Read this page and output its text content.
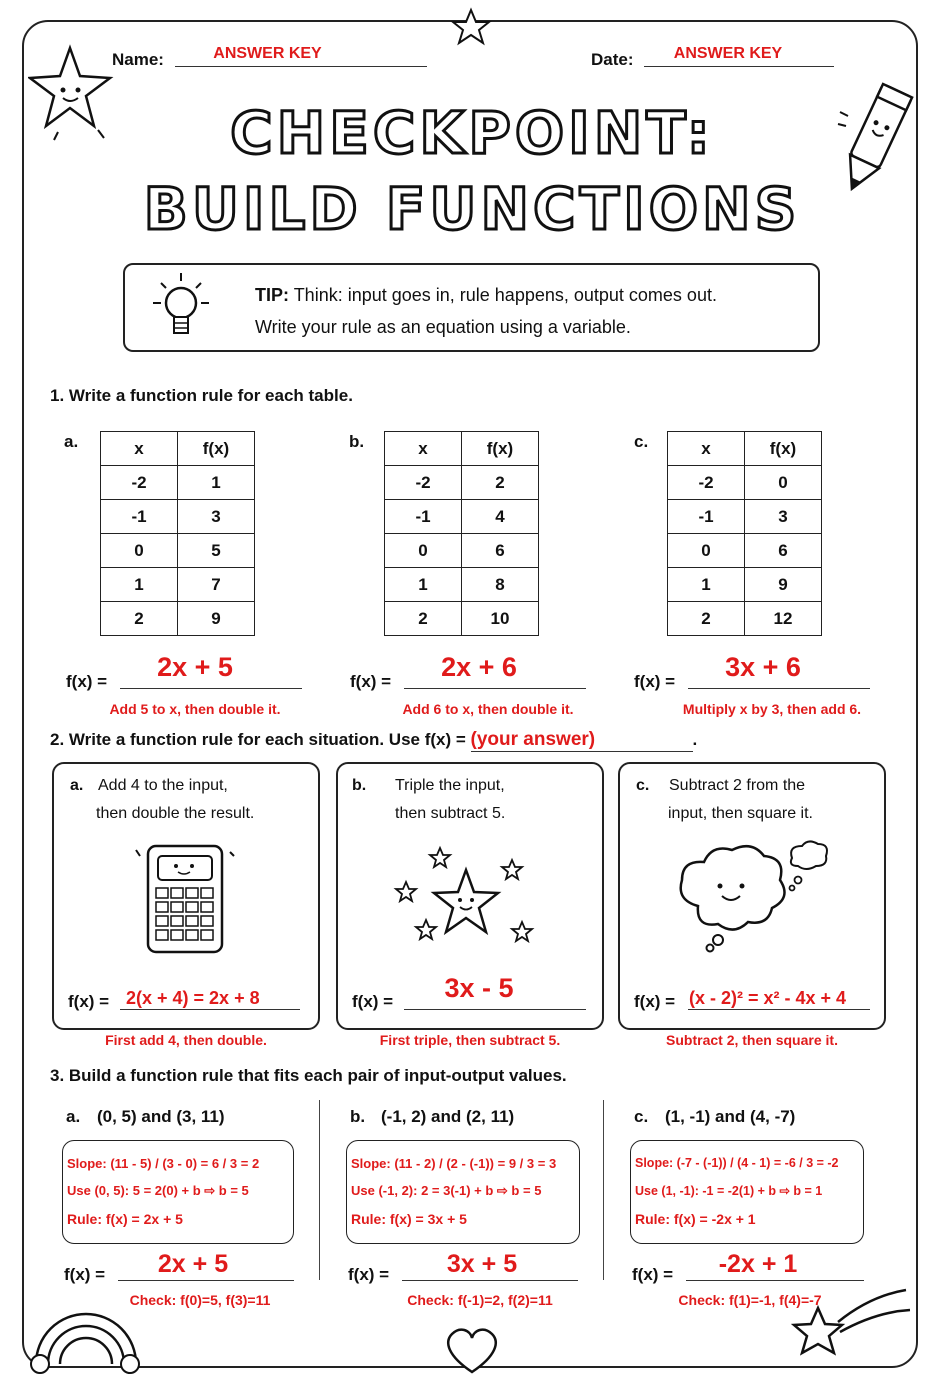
Name:	ANSWER KEY	Date:	ANSWER KEY
CHECKPOINT:
BUILD FUNCTIONS
TIP: Think: input goes in, rule happens, output comes out.
Write your rule as an equation using a variable.
1. Write a function rule for each table.
a.	b.	c.
x	f(x)
-2	1
-1	3
0	5
1	7
2	9
x	f(x)
-2	2
-1	4
0	6
1	8
2	10
x	f(x)
-2	0
-1	3
0	6
1	9
2	12
f(x) =	2x + 5
Add 5 to x, then double it.
f(x) =	2x + 6
Add 6 to x, then double it.
f(x) =	3x + 6
Multiply x by 3, then add 6.
2. Write a function rule for each situation. Use f(x) = (your answer)	.
a. Add 4 to the input,
then double the result.
b. Triple the input,
then subtract 5.
c. Subtract 2 from the
input, then square it.
f(x) = 2(x + 4) = 2x + 8
First add 4, then double.
f(x) =	3x - 5
First triple, then subtract 5.
f(x) = (x - 2)² = x² - 4x + 4
Subtract 2, then square it.
3. Build a function rule that fits each pair of input-output values.
a. (0, 5) and (3, 11)	b. (-1, 2) and (2, 11)	c. (1, -1) and (4, -7)
Slope: (11 - 5) / (3 - 0) = 6 / 3 = 2
Use (0, 5): 5 = 2(0) + b ⇨ b = 5
Rule: f(x) = 2x + 5
Slope: (11 - 2) / (2 - (-1)) = 9 / 3 = 3
Use (-1, 2): 2 = 3(-1) + b ⇨ b = 5
Rule: f(x) = 3x + 5
Slope: (-7 - (-1)) / (4 - 1) = -6 / 3 = -2
Use (1, -1): -1 = -2(1) + b ⇨ b = 1
Rule: f(x) = -2x + 1
f(x) =	2x + 5
Check: f(0)=5, f(3)=11
f(x) =	3x + 5
Check: f(-1)=2, f(2)=11
f(x) =	-2x + 1
Check: f(1)=-1, f(4)=-7
